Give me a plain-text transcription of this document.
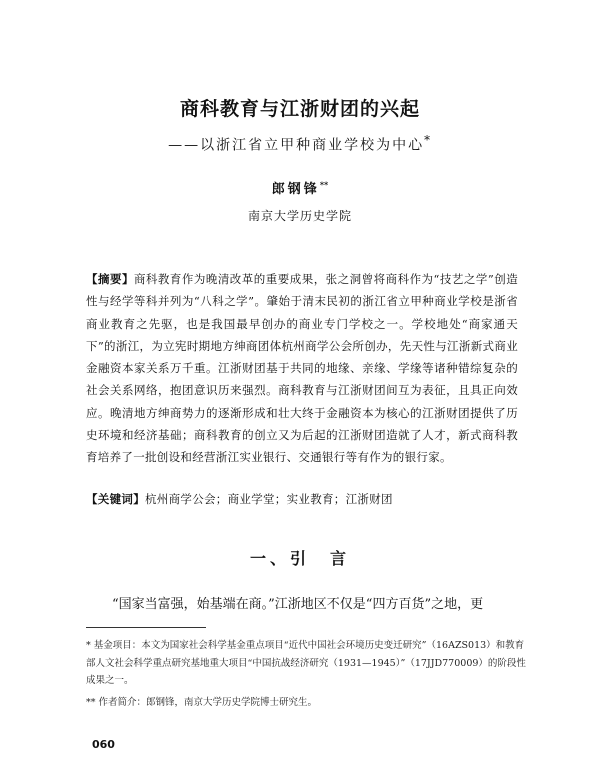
商科教育与江浙财团的兴起
——以浙江省立甲种商业学校为中心*
郎钢锋**
南京大学历史学院
【摘要】商科教育作为晚清改革的重要成果，张之洞曾将商科作为“技艺之学”创造性与经学等科并列为“八科之学”。肇始于清末民初的浙江省立甲种商业学校是浙省商业教育之先驱，也是我国最早创办的商业专门学校之一。学校地处“商家通天下”的浙江，为立宪时期地方绅商团体杭州商学公会所创办，先天性与江浙新式商业金融资本家关系万千重。江浙财团基于共同的地缘、亲缘、学缘等诸种错综复杂的社会关系网络，抱团意识历来强烈。商科教育与江浙财团间互为表征，且具正向效应。晚清地方绅商势力的逐渐形成和壮大终于金融资本为核心的江浙财团提供了历史环境和经济基础；商科教育的创立又为后起的江浙财团造就了人才，新式商科教育培养了一批创设和经营浙江实业银行、交通银行等有作为的银行家。
【关键词】杭州商学公会；商业学堂；实业教育；江浙财团
一、引　言
“国家当富强，始基端在商。”江浙地区不仅是“四方百货”之地，更

* 基金项目：本文为国家社会科学基金重点项目“近代中国社会环境历史变迁研究”（16AZS013）和教育部人文社会科学重点研究基地重大项目“中国抗战经济研究（1931—1945）”（17JJD770009）的阶段性成果之一。

** 作者简介：郎钢锋，南京大学历史学院博士研究生。

060
